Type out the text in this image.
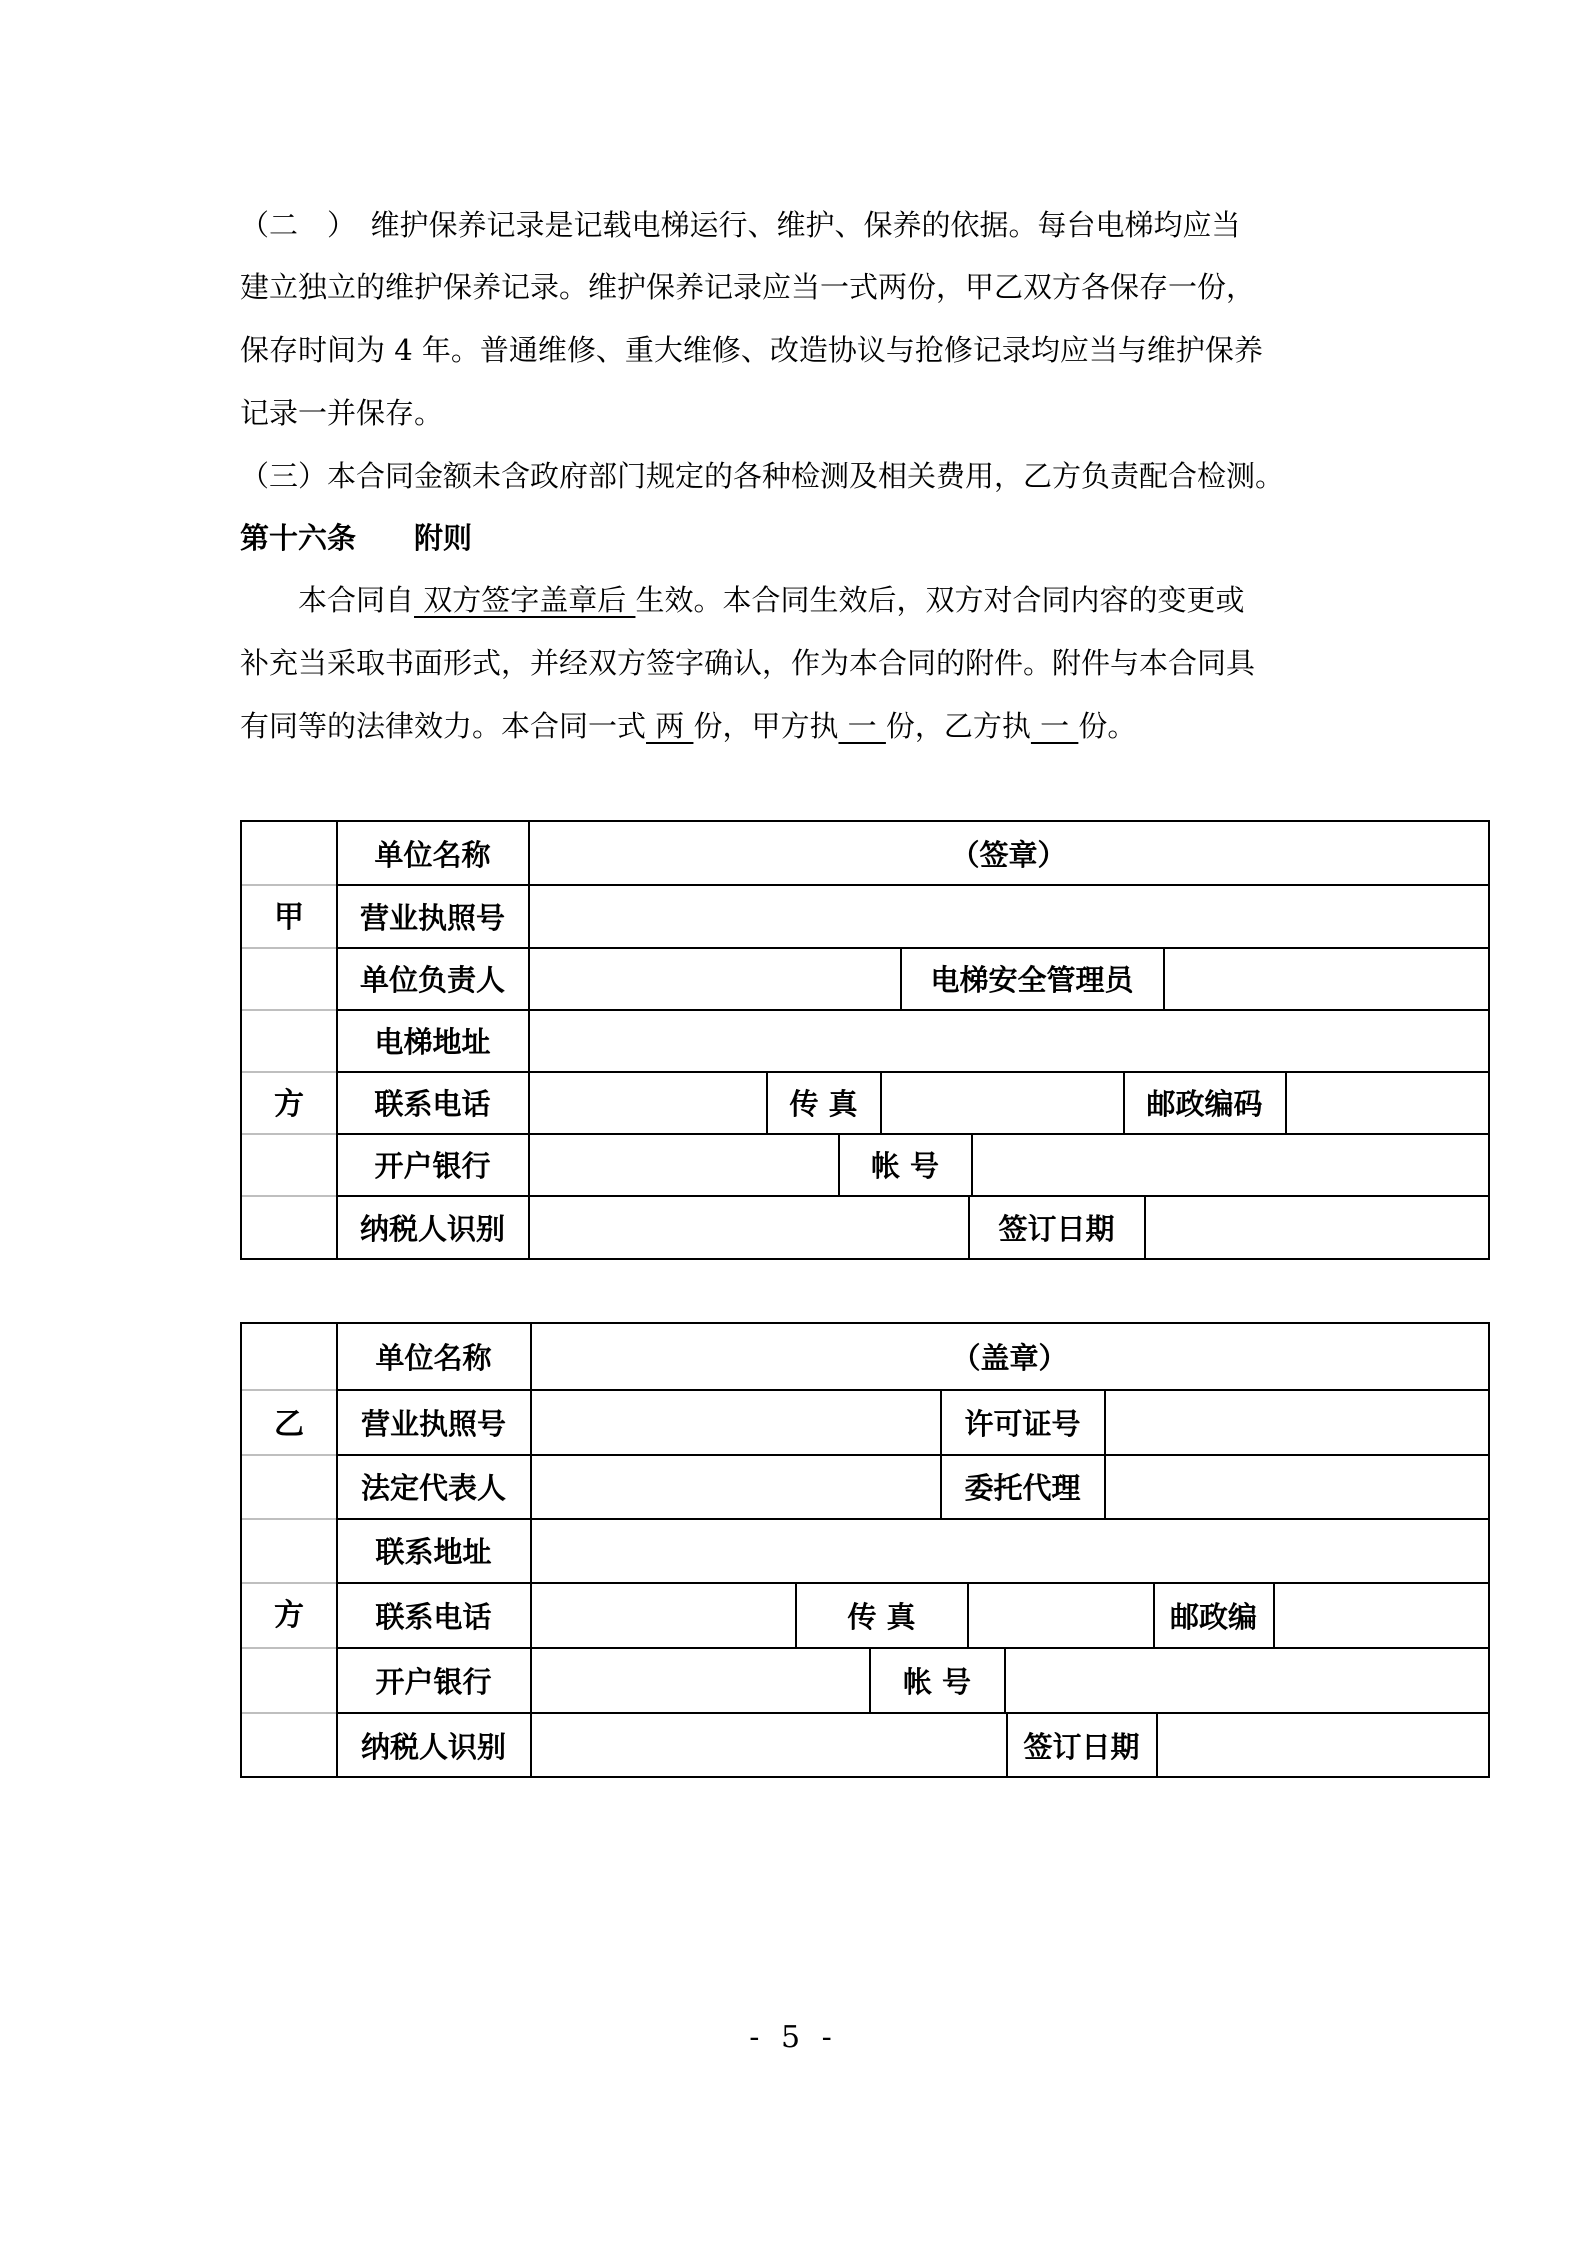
（二　）　维护保养记录是记载电梯运行、维护、保养的依据。每台电梯均应当
建立独立的维护保养记录。维护保养记录应当一式两份，甲乙双方各保存一份，
保存时间为 4 年。普通维修、重大维修、改造协议与抢修记录均应当与维护保养
记录一并保存。
（三）本合同金额未含政府部门规定的各种检测及相关费用，乙方负责配合检测。
第十六条　　附则
　　本合同自 双方签字盖章后 生效。本合同生效后，双方对合同内容的变更或
补充当采取书面形式，并经双方签字确认，作为本合同的附件。附件与本合同具
有同等的法律效力。本合同一式 两 份，甲方执 一 份，乙方执 一 份。
甲
方
单位名称	（签章）
营业执照号
单位负责人	电梯安全管理员
电梯地址
联系电话	传 真	邮政编码
开户银行	帐 号
纳税人识别	签订日期
乙
方
单位名称	（盖章）
营业执照号	许可证号
法定代表人	委托代理
联系地址
联系电话	传 真	邮政编
开户银行	帐 号
纳税人识别	签订日期
- 5 -
